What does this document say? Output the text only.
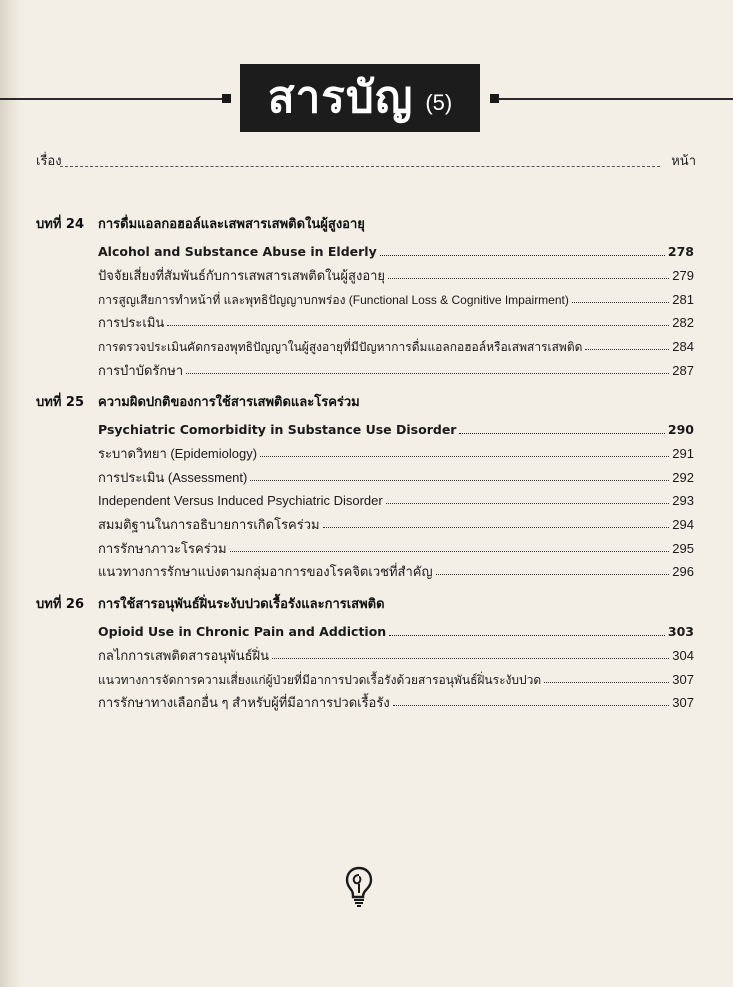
สารบัญ (5)
เรื่อง	หน้า
บทที่ 24 การดื่มแอลกอฮอล์และเสพสารเสพติดในผู้สูงอายุ
Alcohol and Substance Abuse in Elderly	278
ปัจจัยเสี่ยงที่สัมพันธ์กับการเสพสารเสพติดในผู้สูงอายุ	279
การสูญเสียการทำหน้าที่ และพุทธิปัญญาบกพร่อง (Functional Loss & Cognitive Impairment)	281
การประเมิน	282
การตรวจประเมินคัดกรองพุทธิปัญญาในผู้สูงอายุที่มีปัญหาการดื่มแอลกอฮอล์หรือเสพสารเสพติด	284
การบำบัดรักษา	287
บทที่ 25 ความผิดปกติของการใช้สารเสพติดและโรคร่วม
Psychiatric Comorbidity in Substance Use Disorder	290
ระบาดวิทยา (Epidemiology)	291
การประเมิน (Assessment)	292
Independent Versus Induced Psychiatric Disorder	293
สมมติฐานในการอธิบายการเกิดโรคร่วม	294
การรักษาภาวะโรคร่วม	295
แนวทางการรักษาแบ่งตามกลุ่มอาการของโรคจิตเวชที่สำคัญ	296
บทที่ 26 การใช้สารอนุพันธ์ฝิ่นระงับปวดเรื้อรังและการเสพติด
Opioid Use in Chronic Pain and Addiction	303
กลไกการเสพติดสารอนุพันธ์ฝิ่น	304
แนวทางการจัดการความเสี่ยงแก่ผู้ป่วยที่มีอาการปวดเรื้อรังด้วยสารอนุพันธ์ฝิ่นระงับปวด	307
การรักษาทางเลือกอื่น ๆ สำหรับผู้ที่มีอาการปวดเรื้อรัง	307
